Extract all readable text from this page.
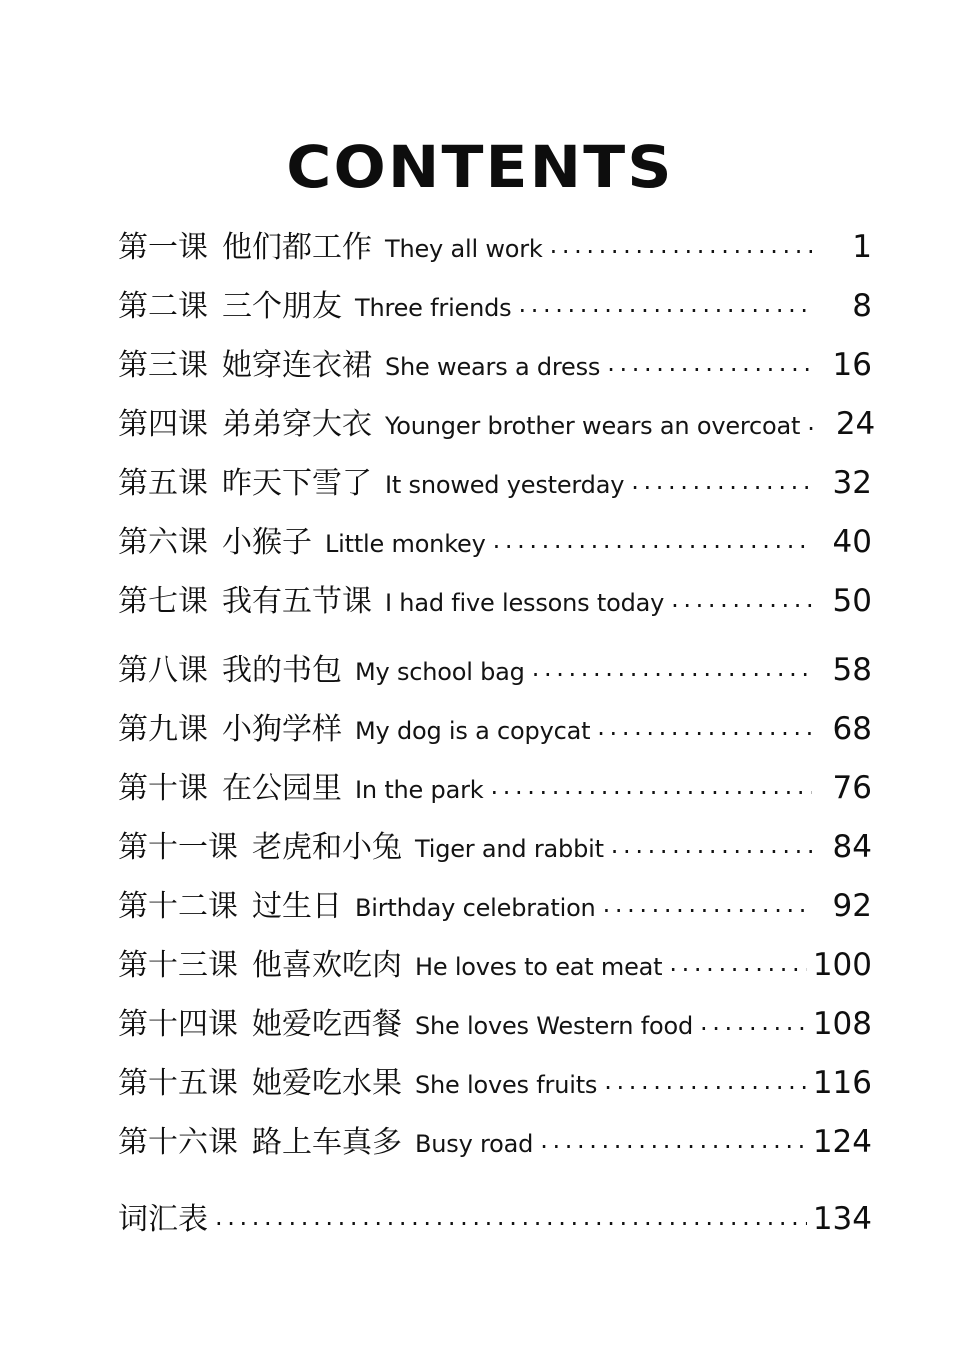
CONTENTS
第一课 他们都工作 They all work . . .	1
第二课 三个朋友 Three friends . . .	8
第三课 她穿连衣裙 She wears a dress . . .	16
第四课 弟弟穿大衣 Younger brother wears an overcoat . . .	24
第五课 昨天下雪了 It snowed yesterday . . .	32
第六课 小猴子 Little monkey . . .	40
第七课 我有五节课 I had five lessons today . . .	50
第八课 我的书包 My school bag . . .	58
第九课 小狗学样 My dog is a copycat . . .	68
第十课 在公园里 In the park . . .	76
第十一课 老虎和小兔 Tiger and rabbit . . .	84
第十二课 过生日 Birthday celebration . . .	92
第十三课 他喜欢吃肉 He loves to eat meat . . .	100
第十四课 她爱吃西餐 She loves Western food . . .	108
第十五课 她爱吃水果 She loves fruits . . .	116
第十六课 路上车真多 Busy road . . .	124
词汇表 . . .	134
